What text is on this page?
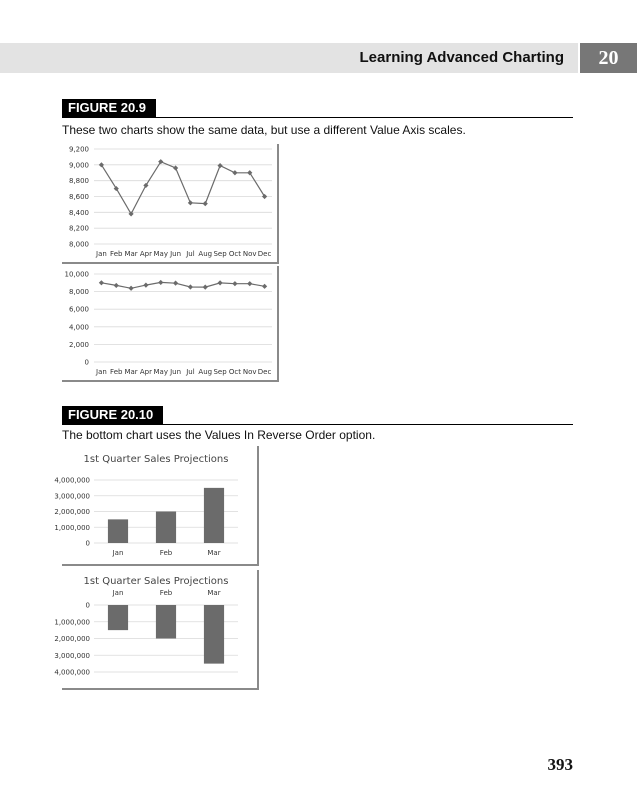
Learning Advanced Charting	20
FIGURE 20.9
These two charts show the same data, but use a different Value Axis scales.
8,000
8,200
8,400
8,600
8,800
9,000
9,200
Jan Feb Mar Apr May Jun Jul Aug Sep Oct Nov Dec
0
2,000
4,000
6,000
8,000
10,000
Jan Feb Mar Apr May Jun Jul Aug Sep Oct Nov Dec
FIGURE 20.10
The bottom chart uses the Values In Reverse Order option.
1st Quarter Sales Projections
0
1,000,000
2,000,000
3,000,000
4,000,000
Jan	Feb	Mar
1st Quarter Sales Projections
0
1,000,000
2,000,000
3,000,000
4,000,000
Jan	Feb	Mar
393
